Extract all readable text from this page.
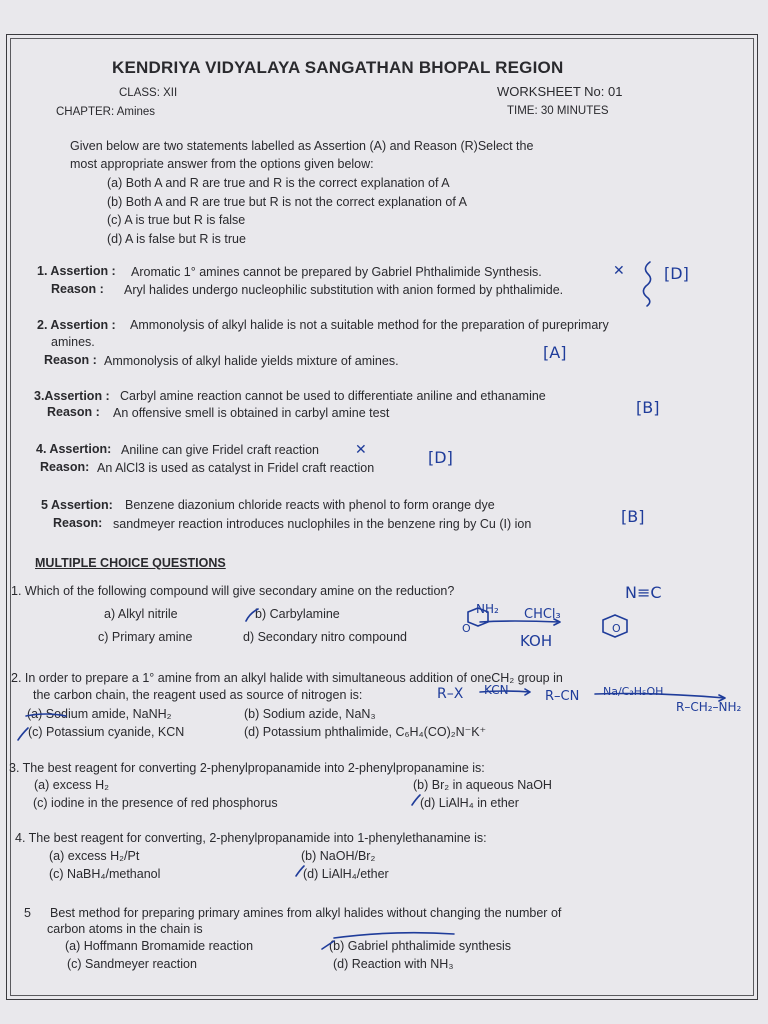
KENDRIYA VIDYALAYA SANGATHAN BHOPAL REGION
CLASS: XII	WORKSHEET No: 01
CHAPTER: Amines	TIME: 30 MINUTES
Given below are two statements labelled as Assertion (A) and Reason (R)Select the
most appropriate answer from the options given below:
(a) Both A and R are true and R is the correct explanation of A
(b) Both A and R are true but R is not the correct explanation of A
(c) A is true but R is false
(d) A is false but R is true
1. Assertion : Aromatic 1° amines cannot be prepared by Gabriel Phthalimide Synthesis.
Reason : Aryl halides undergo nucleophilic substitution with anion formed by phthalimide.
2. Assertion : Ammonolysis of alkyl halide is not a suitable method for the preparation of pureprimary
amines.
Reason : Ammonolysis of alkyl halide yields mixture of amines.
3.Assertion : Carbyl amine reaction cannot be used to differentiate aniline and ethanamine
Reason : An offensive smell is obtained in carbyl amine test
4. Assertion: Aniline can give Fridel craft reaction
Reason: An AlCl3 is used as catalyst in Fridel craft reaction
5 Assertion: Benzene diazonium chloride reacts with phenol to form orange dye
Reason: sandmeyer reaction introduces nuclophiles in the benzene ring by Cu (I) ion
MULTIPLE CHOICE QUESTIONS
1. Which of the following compound will give secondary amine on the reduction?
a) Alkyl nitrile	b) Carbylamine
c) Primary amine	d) Secondary nitro compound
2. In order to prepare a 1° amine from an alkyl halide with simultaneous addition of oneCH₂ group in
the carbon chain, the reagent used as source of nitrogen is:
(a) Sodium amide, NaNH₂	(b) Sodium azide, NaN₃
(c) Potassium cyanide, KCN	(d) Potassium phthalimide, C₆H₄(CO)₂N⁻K⁺
3. The best reagent for converting 2-phenylpropanamide into 2-phenylpropanamine is:
(a) excess H₂	(b) Br₂ in aqueous NaOH
(c) iodine in the presence of red phosphorus	(d) LiAlH₄ in ether
4. The best reagent for converting, 2-phenylpropanamide into 1-phenylethanamine is:
(a) excess H₂/Pt	(b) NaOH/Br₂
(c) NaBH₄/methanol	(d) LiAlH₄/ether
5 Best method for preparing primary amines from alkyl halides without changing the number of
carbon atoms in the chain is
(a) Hoffmann Bromamide reaction	(b) Gabriel phthalimide synthesis
(c) Sandmeyer reaction	(d) Reaction with NH₃
✕ [D]
[A]
[B]
✕	[D]
[B]
NH₂ CHCl₃
KOH
N≡C
O	O
R–X KCN	R–CN Na/C₂H₅OH
R–CH₂–NH₂
